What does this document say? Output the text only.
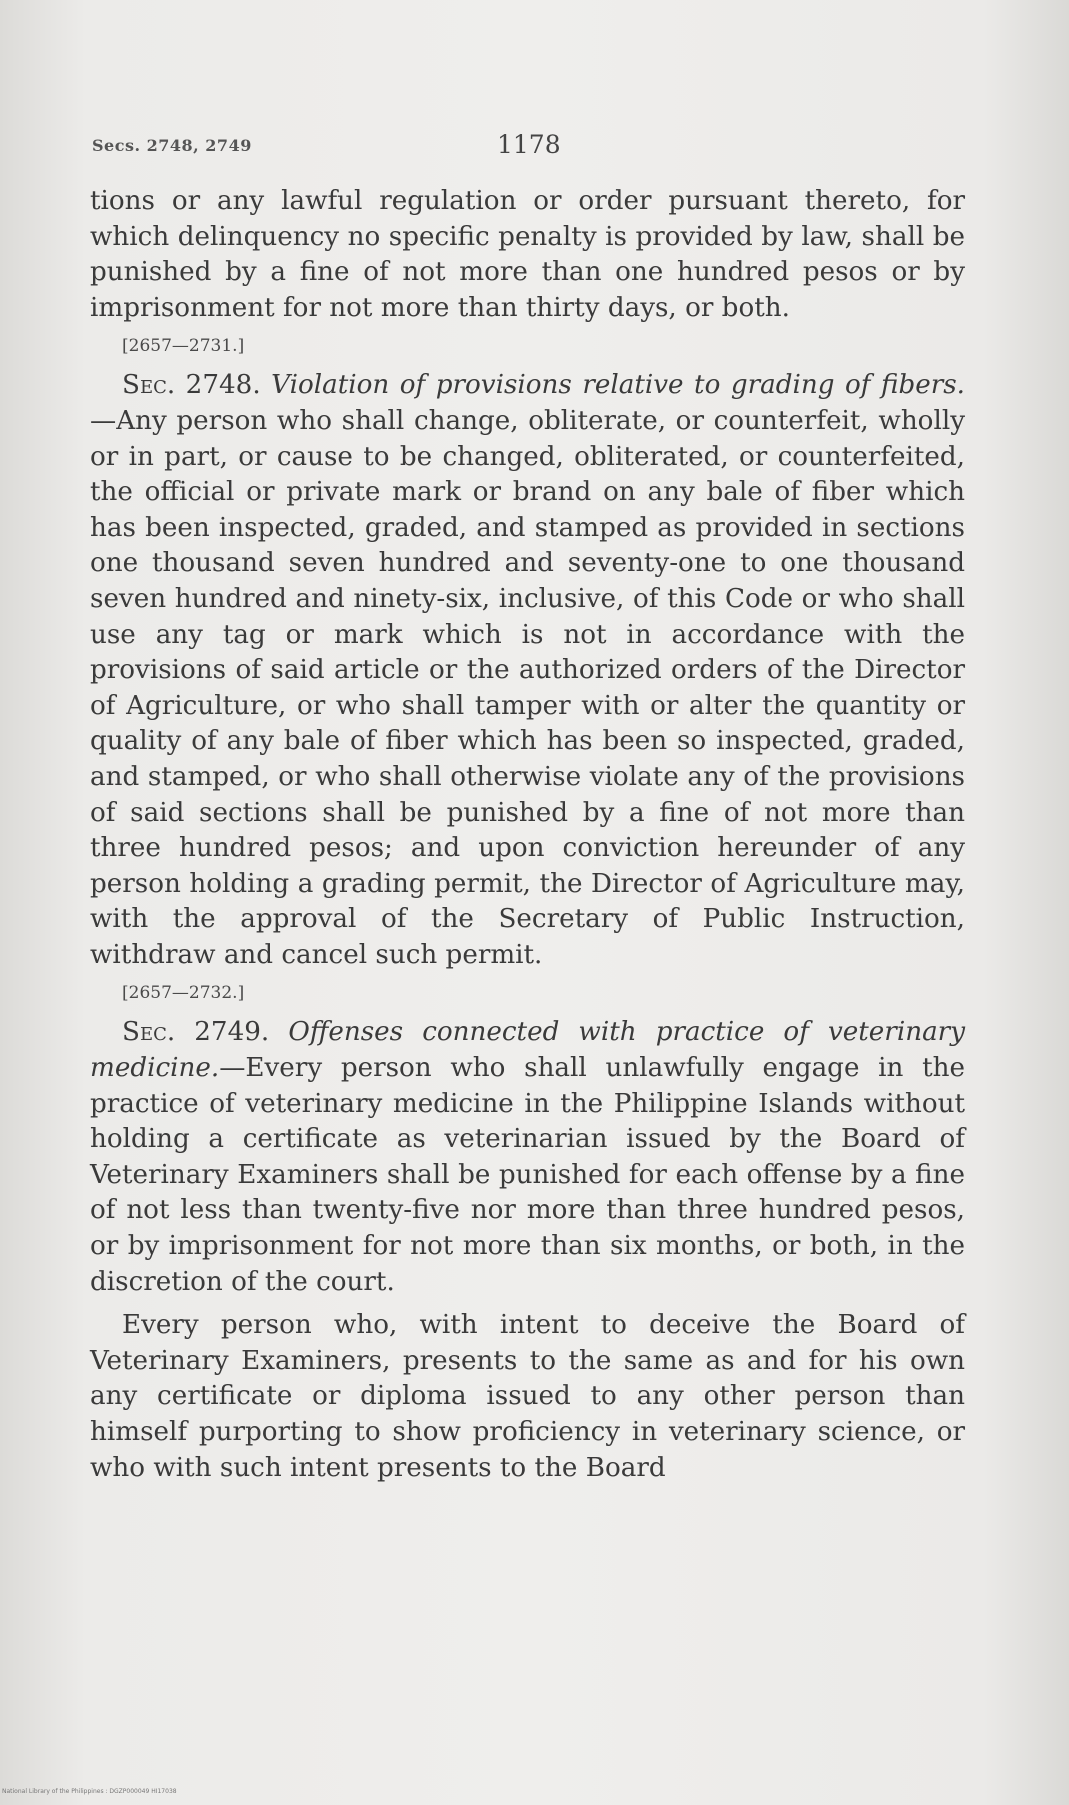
Secs. 2748, 2749	1178

tions or any lawful regulation or order pursuant thereto, for which delinquency no specific penalty is provided by law, shall be punished by a fine of not more than one hundred pesos or by imprisonment for not more than thirty days, or both.

[2657—2731.]

Sec. 2748. Violation of provisions relative to grading of fibers.—Any person who shall change, obliterate, or counterfeit, wholly or in part, or cause to be changed, obliterated, or counterfeited, the official or private mark or brand on any bale of fiber which has been inspected, graded, and stamped as provided in sections one thousand seven hundred and seventy-one to one thousand seven hundred and ninety-six, inclusive, of this Code or who shall use any tag or mark which is not in accordance with the provisions of said article or the authorized orders of the Director of Agriculture, or who shall tamper with or alter the quantity or quality of any bale of fiber which has been so inspected, graded, and stamped, or who shall otherwise violate any of the provisions of said sections shall be punished by a fine of not more than three hundred pesos; and upon conviction hereunder of any person holding a grading permit, the Director of Agriculture may, with the approval of the Secretary of Public Instruction, withdraw and cancel such permit.

[2657—2732.]

Sec. 2749. Offenses connected with practice of veterinary medicine.—Every person who shall unlawfully engage in the practice of veterinary medicine in the Philippine Islands without holding a certificate as veterinarian issued by the Board of Veterinary Examiners shall be punished for each offense by a fine of not less than twenty-five nor more than three hundred pesos, or by imprisonment for not more than six months, or both, in the discretion of the court.

Every person who, with intent to deceive the Board of Veterinary Examiners, presents to the same as and for his own any certificate or diploma issued to any other person than himself purporting to show proficiency in veterinary science, or who with such intent presents to the Board

National Library of the Philippines : DGZP000049 HI17038
